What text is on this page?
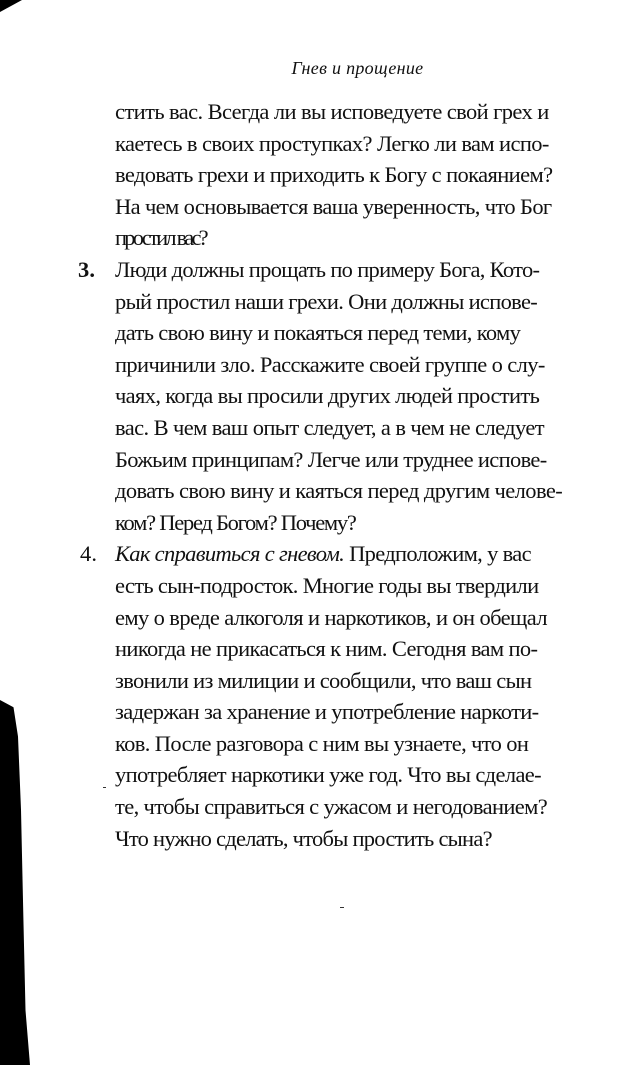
Гнев и прощение
стить вас. Всегда ли вы исповедуете свой грех и
каетесь в своих проступках? Легко ли вам испо-
ведовать грехи и приходить к Богу с покаянием?
На чем основывается ваша уверенность, что Бог
простил вас?
3. Люди должны прощать по примеру Бога, Кото-
рый простил наши грехи. Они должны испове-
дать свою вину и покаяться перед теми, кому
причинили зло. Расскажите своей группе о слу-
чаях, когда вы просили других людей простить
вас. В чем ваш опыт следует, а в чем не следует
Божьим принципам? Легче или труднее испове-
довать свою вину и каяться перед другим челове-
ком? Перед Богом? Почему?
4. Как справиться с гневом. Предположим, у вас
есть сын-подросток. Многие годы вы твердили
ему о вреде алкоголя и наркотиков, и он обещал
никогда не прикасаться к ним. Сегодня вам по-
звонили из милиции и сообщили, что ваш сын
задержан за хранение и употребление наркоти-
ков. После разговора с ним вы узнаете, что он
употребляет наркотики уже год. Что вы сделае-
те, чтобы справиться с ужасом и негодованием?
Что нужно сделать, чтобы простить сына?
